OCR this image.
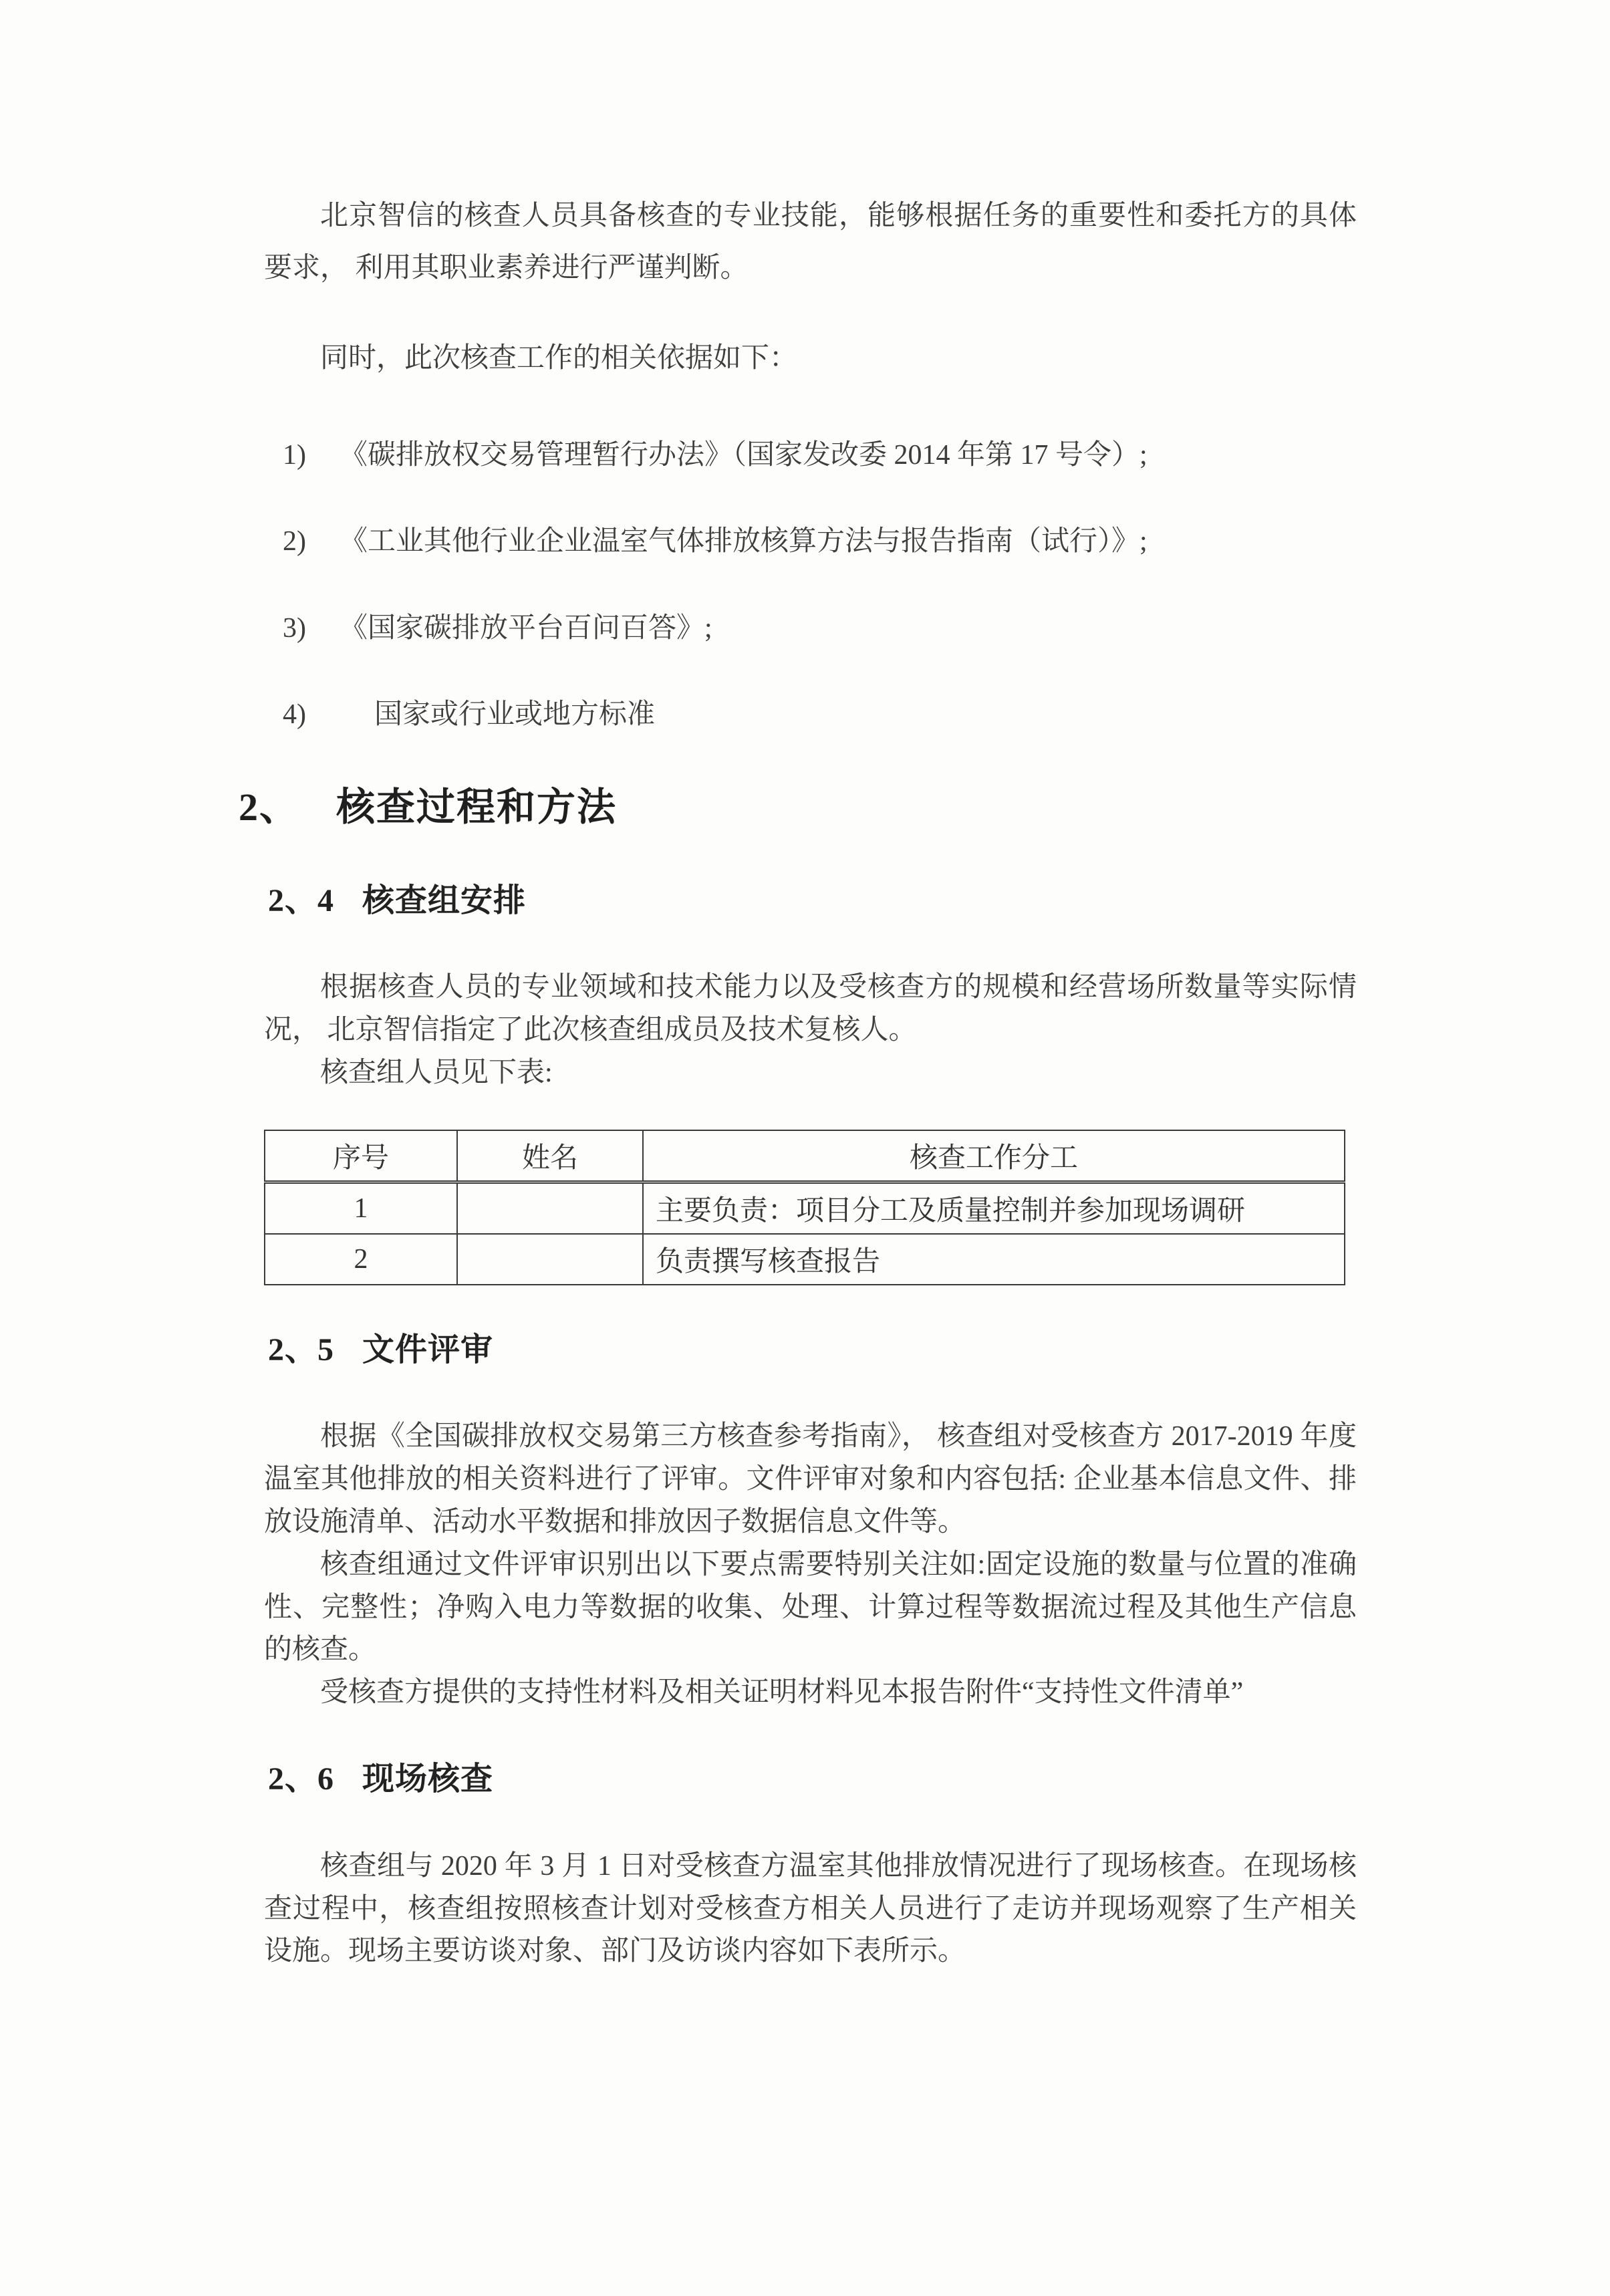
北京智信的核查人员具备核查的专业技能，能够根据任务的重要性和委托方的具体要求， 利用其职业素养进行严谨判断。

同时，此次核查工作的相关依据如下：

1)	《碳排放权交易管理暂行办法》（国家发改委 2014 年第 17 号令）;
2)	《工业其他行业企业温室气体排放核算方法与报告指南（试行）》;
3)	《国家碳排放平台百问百答》;
4)	国家或行业或地方标准
2、 核查过程和方法
2、4 核查组安排

根据核查人员的专业领域和技术能力以及受核查方的规模和经营场所数量等实际情况， 北京智信指定了此次核查组成员及技术复核人。

核查组人员见下表:

序号	姓名	核查工作分工
1		主要负责：项目分工及质量控制并参加现场调研
2		负责撰写核查报告
2、5 文件评审

根据《全国碳排放权交易第三方核查参考指南》， 核查组对受核查方 2017-2019 年度温室其他排放的相关资料进行了评审。文件评审对象和内容包括: 企业基本信息文件、排放设施清单、活动水平数据和排放因子数据信息文件等。

核查组通过文件评审识别出以下要点需要特别关注如:固定设施的数量与位置的准确性、完整性；净购入电力等数据的收集、处理、计算过程等数据流过程及其他生产信息的核查。

受核查方提供的支持性材料及相关证明材料见本报告附件“支持性文件清单”

2、6 现场核查

核查组与 2020 年 3 月 1 日对受核查方温室其他排放情况进行了现场核查。在现场核查过程中，核查组按照核查计划对受核查方相关人员进行了走访并现场观察了生产相关设施。现场主要访谈对象、部门及访谈内容如下表所示。
